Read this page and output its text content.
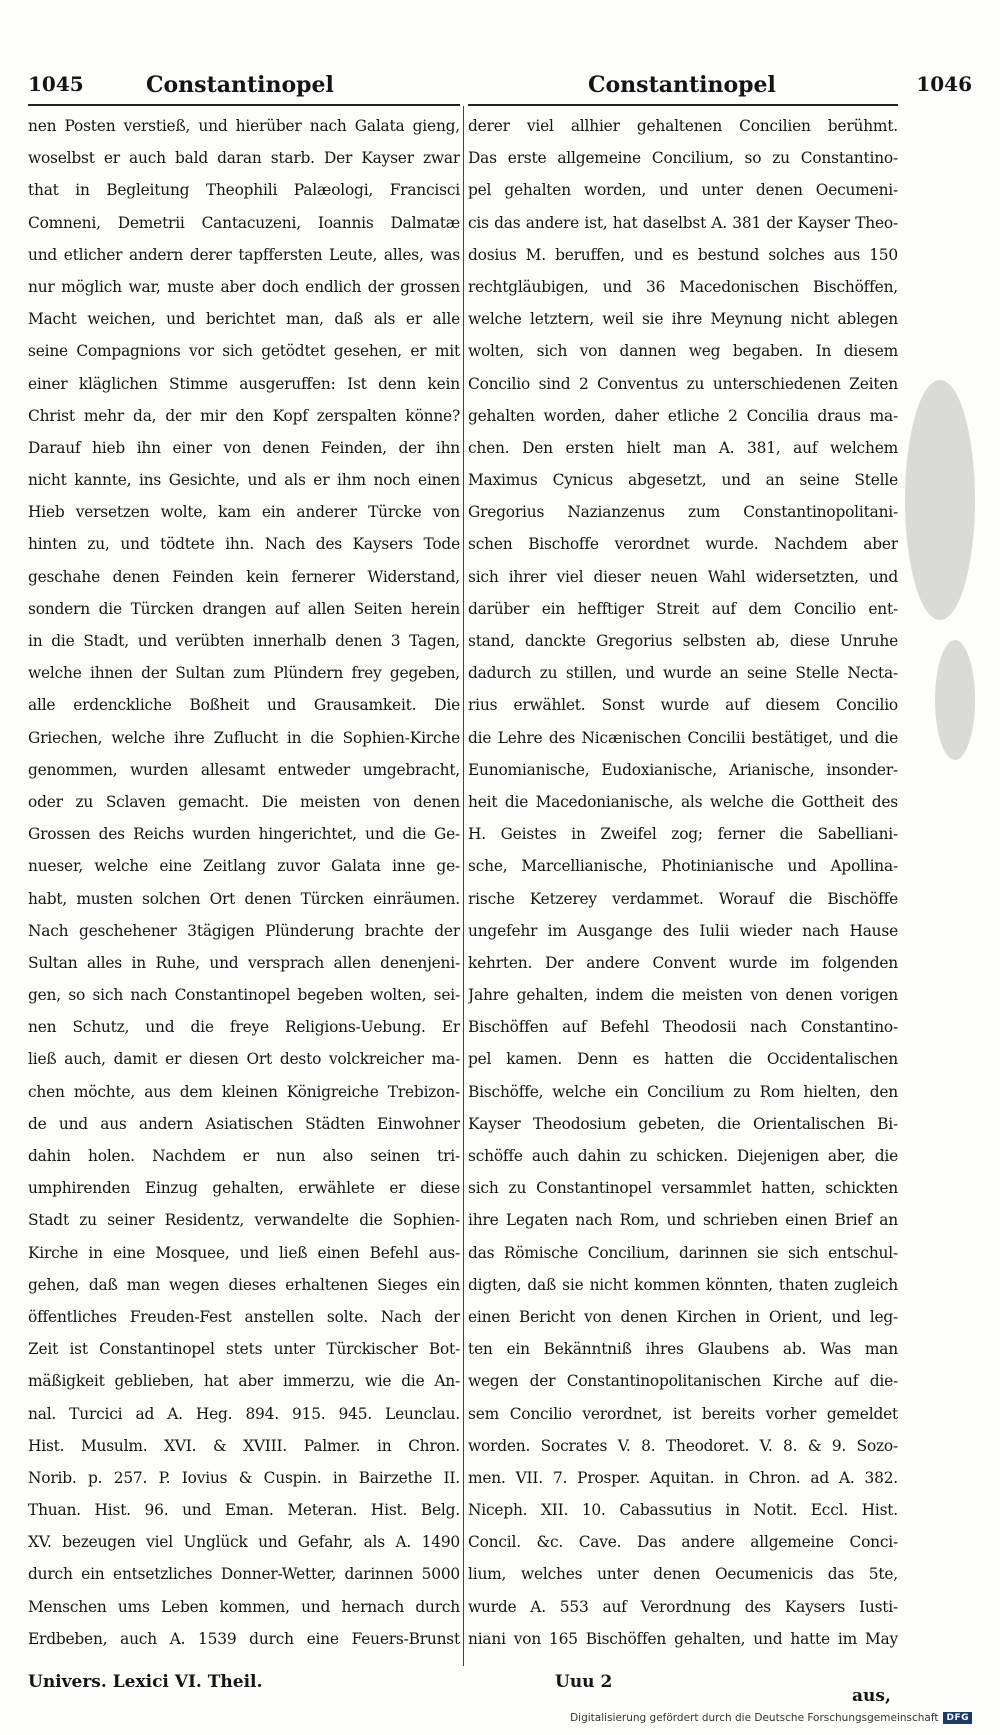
1045	Constantinopel	Constantinopel	1046
nen Posten verstieß, und hierüber nach Galata gieng,
woselbst er auch bald daran starb. Der Kayser zwar
that in Begleitung Theophili Palæologi, Francisci
Comneni, Demetrii Cantacuzeni, Ioannis Dalmatæ
und etlicher andern derer tapffersten Leute, alles, was
nur möglich war, muste aber doch endlich der grossen
Macht weichen, und berichtet man, daß als er alle
seine Compagnions vor sich getödtet gesehen, er mit
einer kläglichen Stimme ausgeruffen: Ist denn kein
Christ mehr da, der mir den Kopf zerspalten könne?
Darauf hieb ihn einer von denen Feinden, der ihn
nicht kannte, ins Gesichte, und als er ihm noch einen
Hieb versetzen wolte, kam ein anderer Türcke von
hinten zu, und tödtete ihn. Nach des Kaysers Tode
geschahe denen Feinden kein fernerer Widerstand,
sondern die Türcken drangen auf allen Seiten herein
in die Stadt, und verübten innerhalb denen 3 Tagen,
welche ihnen der Sultan zum Plündern frey gegeben,
alle erdenckliche Boßheit und Grausamkeit. Die
Griechen, welche ihre Zuflucht in die Sophien-Kirche
genommen, wurden allesamt entweder umgebracht,
oder zu Sclaven gemacht. Die meisten von denen
Grossen des Reichs wurden hingerichtet, und die Ge-
nueser, welche eine Zeitlang zuvor Galata inne ge-
habt, musten solchen Ort denen Türcken einräumen.
Nach geschehener 3tägigen Plünderung brachte der
Sultan alles in Ruhe, und versprach allen denenjeni-
gen, so sich nach Constantinopel begeben wolten, sei-
nen Schutz, und die freye Religions-Uebung. Er
ließ auch, damit er diesen Ort desto volckreicher ma-
chen möchte, aus dem kleinen Königreiche Trebizon-
de und aus andern Asiatischen Städten Einwohner
dahin holen. Nachdem er nun also seinen tri-
umphirenden Einzug gehalten, erwählete er diese
Stadt zu seiner Residentz, verwandelte die Sophien-
Kirche in eine Mosquee, und ließ einen Befehl aus-
gehen, daß man wegen dieses erhaltenen Sieges ein
öffentliches Freuden-Fest anstellen solte. Nach der
Zeit ist Constantinopel stets unter Türckischer Bot-
mäßigkeit geblieben, hat aber immerzu, wie die An-
nal. Turcici ad A. Heg. 894. 915. 945. Leunclau.
Hist. Musulm. XVI. & XVIII. Palmer. in Chron.
Norib. p. 257. P. Iovius & Cuspin. in Bairzethe II.
Thuan. Hist. 96. und Eman. Meteran. Hist. Belg.
XV. bezeugen viel Unglück und Gefahr, als A. 1490
durch ein entsetzliches Donner-Wetter, darinnen 5000
Menschen ums Leben kommen, und hernach durch
Erdbeben, auch A. 1539 durch eine Feuers-Brunst
derer viel allhier gehaltenen Concilien berühmt.
Das erste allgemeine Concilium, so zu Constantino-
pel gehalten worden, und unter denen Oecumeni-
cis das andere ist, hat daselbst A. 381 der Kayser Theo-
dosius M. beruffen, und es bestund solches aus 150
rechtgläubigen, und 36 Macedonischen Bischöffen,
welche letztern, weil sie ihre Meynung nicht ablegen
wolten, sich von dannen weg begaben. In diesem
Concilio sind 2 Conventus zu unterschiedenen Zeiten
gehalten worden, daher etliche 2 Concilia draus ma-
chen. Den ersten hielt man A. 381, auf welchem
Maximus Cynicus abgesetzt, und an seine Stelle
Gregorius Nazianzenus zum Constantinopolitani-
schen Bischoffe verordnet wurde. Nachdem aber
sich ihrer viel dieser neuen Wahl widersetzten, und
darüber ein hefftiger Streit auf dem Concilio ent-
stand, danckte Gregorius selbsten ab, diese Unruhe
dadurch zu stillen, und wurde an seine Stelle Necta-
rius erwählet. Sonst wurde auf diesem Concilio
die Lehre des Nicænischen Concilii bestätiget, und die
Eunomianische, Eudoxianische, Arianische, insonder-
heit die Macedonianische, als welche die Gottheit des
H. Geistes in Zweifel zog; ferner die Sabelliani-
sche, Marcellianische, Photinianische und Apollina-
rische Ketzerey verdammet. Worauf die Bischöffe
ungefehr im Ausgange des Iulii wieder nach Hause
kehrten. Der andere Convent wurde im folgenden
Jahre gehalten, indem die meisten von denen vorigen
Bischöffen auf Befehl Theodosii nach Constantino-
pel kamen. Denn es hatten die Occidentalischen
Bischöffe, welche ein Concilium zu Rom hielten, den
Kayser Theodosium gebeten, die Orientalischen Bi-
schöffe auch dahin zu schicken. Diejenigen aber, die
sich zu Constantinopel versammlet hatten, schickten
ihre Legaten nach Rom, und schrieben einen Brief an
das Römische Concilium, darinnen sie sich entschul-
digten, daß sie nicht kommen könnten, thaten zugleich
einen Bericht von denen Kirchen in Orient, und leg-
ten ein Bekänntniß ihres Glaubens ab. Was man
wegen der Constantinopolitanischen Kirche auf die-
sem Concilio verordnet, ist bereits vorher gemeldet
worden. Socrates V. 8. Theodoret. V. 8. & 9. Sozo-
men. VII. 7. Prosper. Aquitan. in Chron. ad A. 382.
Niceph. XII. 10. Cabassutius in Notit. Eccl. Hist.
Concil. &c. Cave. Das andere allgemeine Conci-
lium, welches unter denen Oecumenicis das 5te,
wurde A. 553 auf Verordnung des Kaysers Iusti-
niani von 165 Bischöffen gehalten, und hatte im May
Univers. Lexici VI. Theil.	Uuu 2
aus,
Digitalisierung gefördert durch die Deutsche Forschungsgemeinschaft DFG
